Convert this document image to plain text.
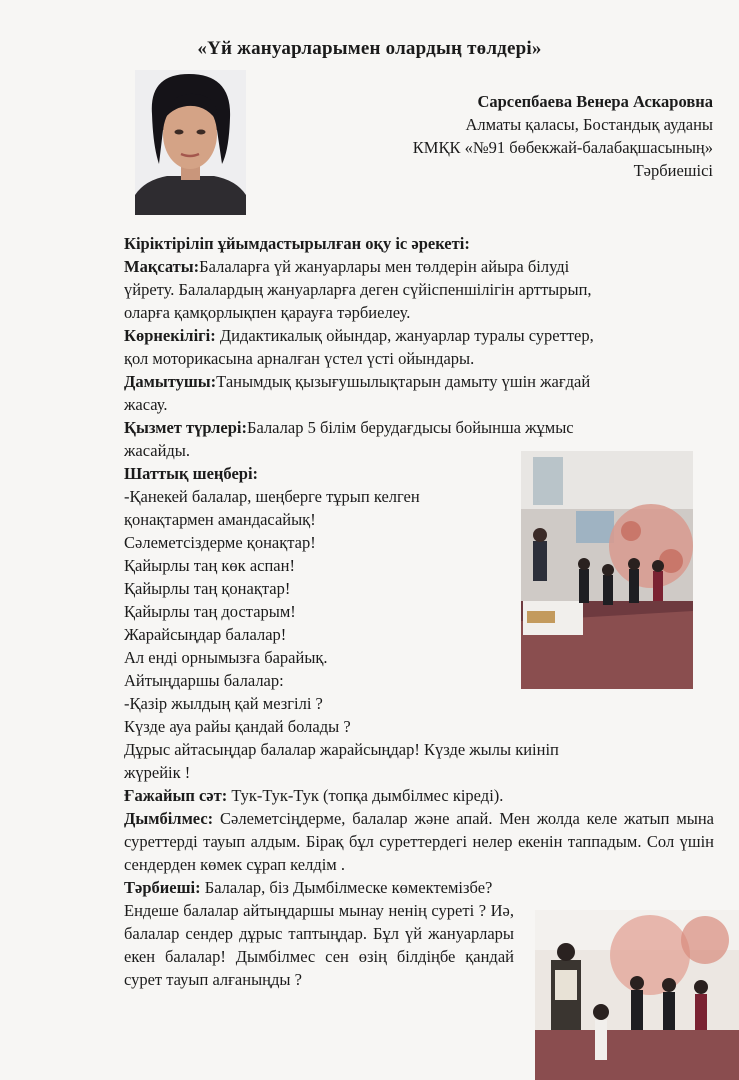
«Үй жануарларымен олардың төлдері»
Сарсепбаева Венера Аскаровна
Алматы қаласы, Бостандық ауданы
КМҚК «№91 бөбекжай-балабақшасының»
Тәрбиешісі

Кіріктіріліп ұйымдастырылған оқу іс әрекеті:

Мақсаты:Балаларға үй жануарлары мен төлдерін айыра білуді

үйрету. Балалардың жануарларға деген сүйіспеншілігін арттырып,

оларға қамқорлықпен қарауға тәрбиелеу.

Көрнекілігі: Дидактикалық ойындар, жануарлар туралы суреттер,

қол моторикасына арналған үстел үсті ойындары.

Дамытушы:Танымдық қызығушылықтарын дамыту үшін жағдай

жасау.

Қызмет түрлері:Балалар 5 білім берудағдысы бойынша жұмыс

жасайды.

Шаттық шеңбері:

-Қанекей балалар, шеңберге тұрып келген

қонақтармен амандасайық!

Сәлеметсіздерме қонақтар!

Қайырлы таң көк аспан!

Қайырлы таң қонақтар!

Қайырлы таң достарым!

Жарайсыңдар балалар!

Ал енді орнымызға барайық.

Айтыңдаршы балалар:

-Қазір жылдың қай мезгілі ?

Күзде ауа райы қандай болады ?

Дұрыс айтасыңдар балалар жарайсыңдар! Күзде жылы киініп

жүрейік !

Ғажайып сәт: Тук-Тук-Тук (топқа дымбілмес кіреді).

Дымбілмес: Сәлеметсіңдерме, балалар және апай. Мен жолда келе жатып мына суреттерді тауып алдым. Бірақ бұл суреттердегі нелер екенін таппадым. Сол үшін сендерден көмек сұрап келдім .

Тәрбиеші: Балалар, біз Дымбілмеске көмектемізбе?

Ендеше балалар айтыңдаршы мынау ненің суреті ? Иә, балалар сендер дұрыс таптыңдар. Бұл үй жануарлары екен балалар! Дымбілмес сен өзің білдіңбе қандай сурет тауып алғаныңды ?
